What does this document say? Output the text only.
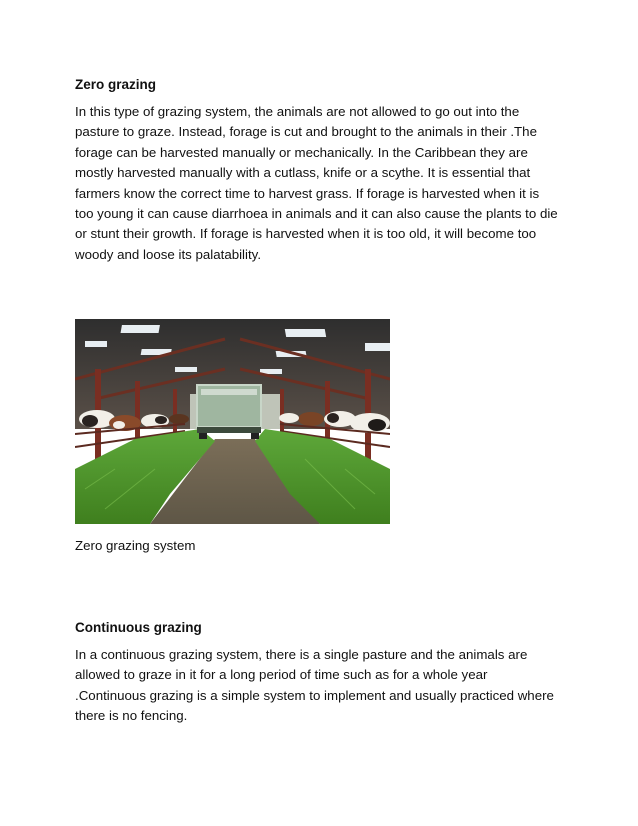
Zero grazing
In this type of grazing system, the animals are not allowed to go out into the
pasture to graze. Instead, forage is cut and brought to the animals in their .The
forage can be harvested manually or mechanically. In the Caribbean they are
mostly harvested manually with a cutlass, knife or a scythe. It is essential that
farmers know the correct time to harvest grass. If forage is harvested when it is
too young it can cause diarrhoea in animals and it can also cause the plants to die
or stunt their growth. If forage is harvested when it is too old, it will become too
woody and loose its palatability.

Zero grazing system

Continuous grazing
In a continuous grazing system, there is a single pasture and the animals are
allowed to graze in it for a long period of time such as for a whole year
.Continuous grazing is a simple system to implement and usually practiced where
there is no fencing.
